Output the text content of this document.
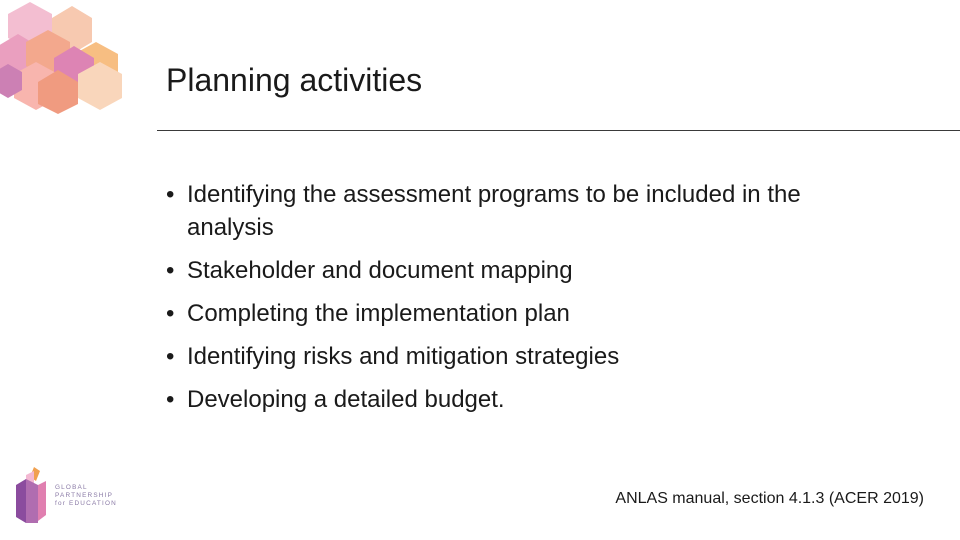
Planning activities
• Identifying the assessment programs to be included in the analysis
• Stakeholder and document mapping
• Completing the implementation plan
• Identifying risks and mitigation strategies
• Developing a detailed budget.
ANLAS manual, section 4.1.3 (ACER 2019)
GLOBAL
PARTNERSHIP
for EDUCATION
